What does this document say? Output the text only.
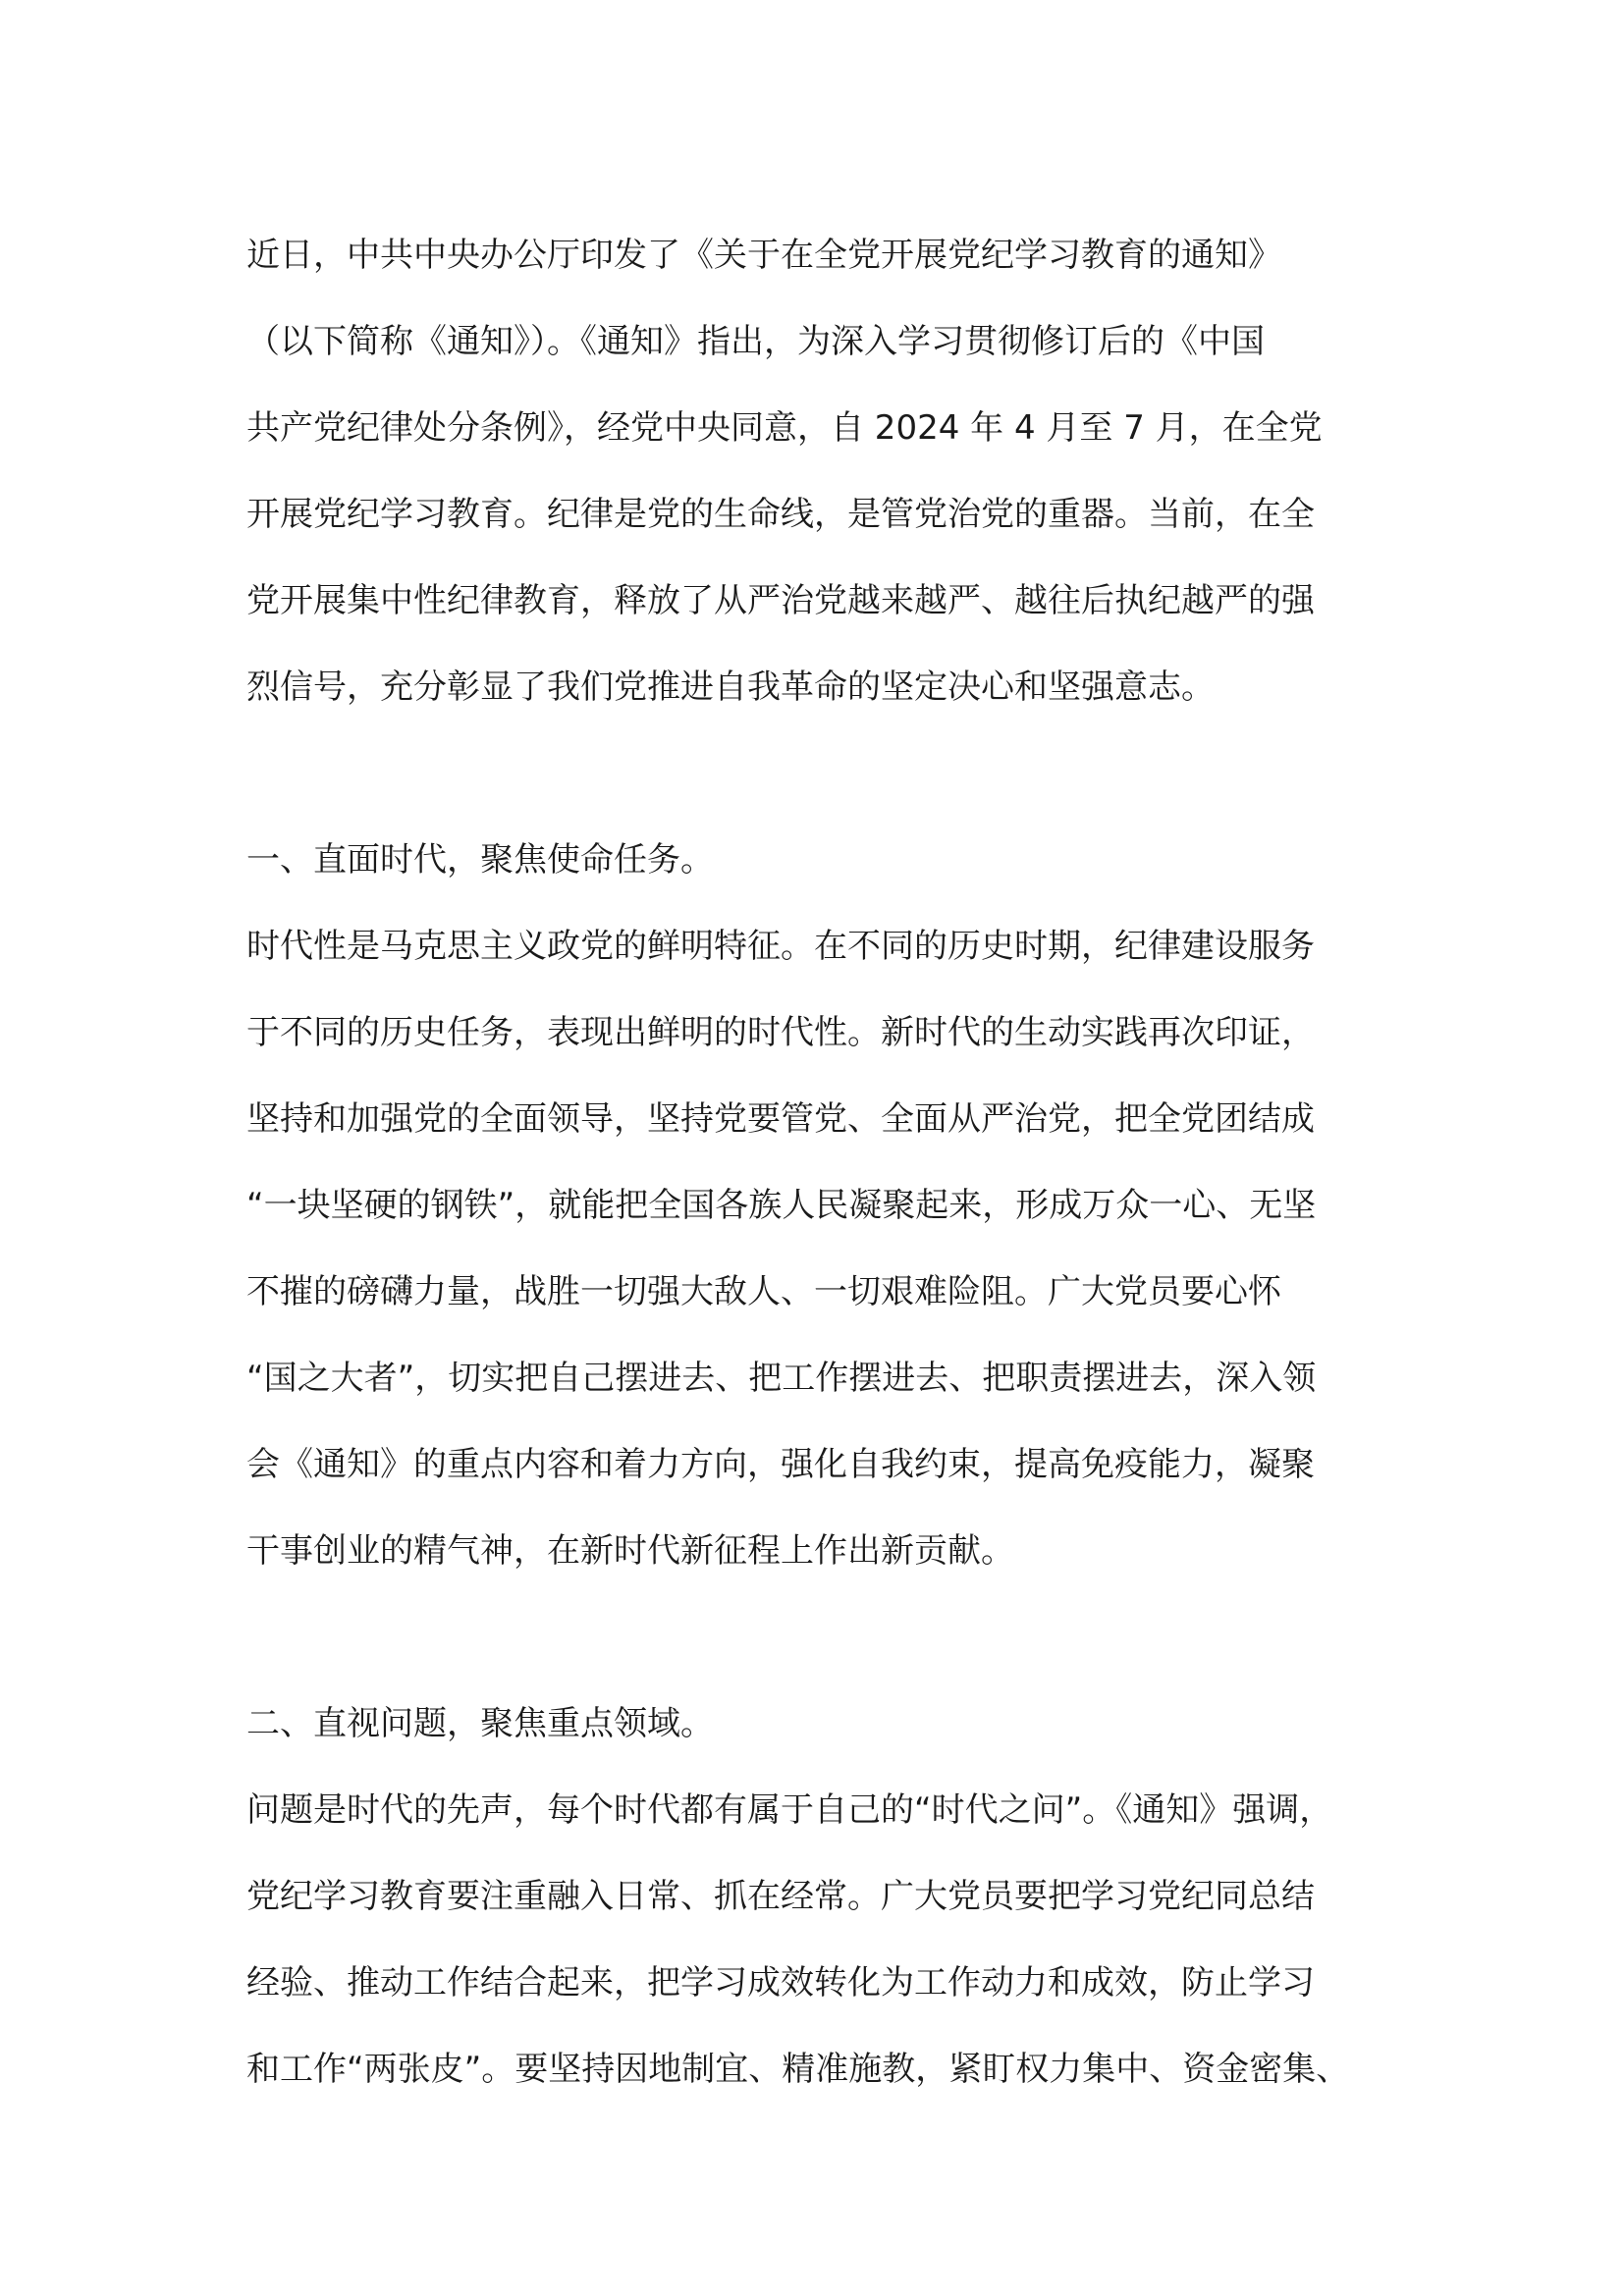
近日，中共中央办公厅印发了《关于在全党开展党纪学习教育的通知》
（以下简称《通知》）。《通知》指出，为深入学习贯彻修订后的《中国
共产党纪律处分条例》，经党中央同意，自 2024 年 4 月至 7 月，在全党
开展党纪学习教育。纪律是党的生命线，是管党治党的重器。当前，在全
党开展集中性纪律教育，释放了从严治党越来越严、越往后执纪越严的强
烈信号，充分彰显了我们党推进自我革命的坚定决心和坚强意志。
一、直面时代，聚焦使命任务。
时代性是马克思主义政党的鲜明特征。在不同的历史时期，纪律建设服务
于不同的历史任务，表现出鲜明的时代性。新时代的生动实践再次印证，
坚持和加强党的全面领导，坚持党要管党、全面从严治党，把全党团结成
“一块坚硬的钢铁”，就能把全国各族人民凝聚起来，形成万众一心、无坚
不摧的磅礴力量，战胜一切强大敌人、一切艰难险阻。广大党员要心怀
“国之大者”，切实把自己摆进去、把工作摆进去、把职责摆进去，深入领
会《通知》的重点内容和着力方向，强化自我约束，提高免疫能力，凝聚
干事创业的精气神，在新时代新征程上作出新贡献。
二、直视问题，聚焦重点领域。
问题是时代的先声，每个时代都有属于自己的“时代之问”。《通知》强调，
党纪学习教育要注重融入日常、抓在经常。广大党员要把学习党纪同总结
经验、推动工作结合起来，把学习成效转化为工作动力和成效，防止学习
和工作“两张皮”。要坚持因地制宜、精准施教，紧盯权力集中、资金密集、
